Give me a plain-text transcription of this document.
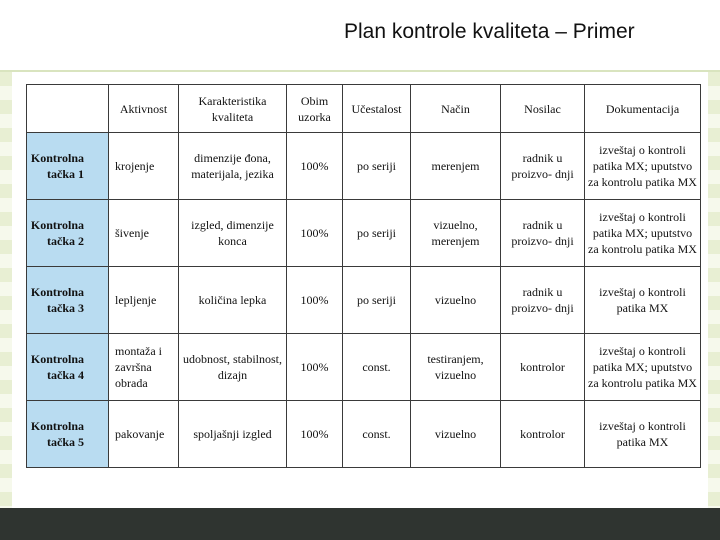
Plan kontrole kvaliteta – Primer
	Aktivnost	Karakteristika kvaliteta	Obim uzorka	Učestalost	Način	Nosilac	Dokumentacija
Kontrolna tačka 1	krojenje	dimenzije đona, materijala, jezika	100%	po seriji	merenjem	radnik u proizvo- dnji	izveštaj o kontroli patika MX; uputstvo za kontrolu patika MX
Kontrolna tačka 2	šivenje	izgled, dimenzije konca	100%	po seriji	vizuelno, merenjem	radnik u proizvo- dnji	izveštaj o kontroli patika MX; uputstvo za kontrolu patika MX
Kontrolna tačka 3	lepljenje	količina lepka	100%	po seriji	vizuelno	radnik u proizvo- dnji	izveštaj o kontroli patika MX
Kontrolna tačka 4	montaža i završna obrada	udobnost, stabilnost, dizajn	100%	const.	testiranjem, vizuelno	kontrolor	izveštaj o kontroli patika MX; uputstvo za kontrolu patika MX
Kontrolna tačka 5	pakovanje	spoljašnji izgled	100%	const.	vizuelno	kontrolor	izveštaj o kontroli patika MX
